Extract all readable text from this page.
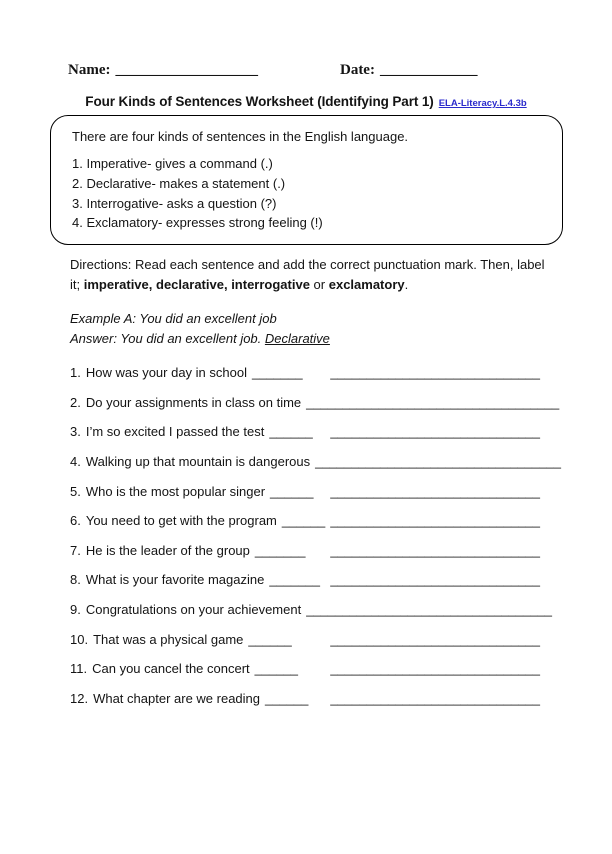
Name: ___________________	Date: _____________
Four Kinds of Sentences Worksheet (Identifying Part 1) ELA-Literacy.L.4.3b
There are four kinds of sentences in the English language.
1. Imperative- gives a command (.)
2. Declarative- makes a statement (.)
3. Interrogative- asks a question (?)
4. Exclamatory- expresses strong feeling (!)
Directions: Read each sentence and add the correct punctuation mark. Then, label
it; imperative, declarative, interrogative or exclamatory.
Example A: You did an excellent job
Answer: You did an excellent job. Declarative
1. How was your day in school _______ _____________________________
2. Do your assignments in class on time ______ _____________________________
3. I’m so excited I passed the test ______ _____________________________
4. Walking up that mountain is dangerous _____ _____________________________
5. Who is the most popular singer ______ _____________________________
6. You need to get with the program ______ _____________________________
7. He is the leader of the group _______ _____________________________
8. What is your favorite magazine _______ _____________________________
9. Congratulations on your achievement _____ _____________________________
10. That was a physical game ______	_____________________________
11. Can you cancel the concert ______ _____________________________
12. What chapter are we reading ______ _____________________________
